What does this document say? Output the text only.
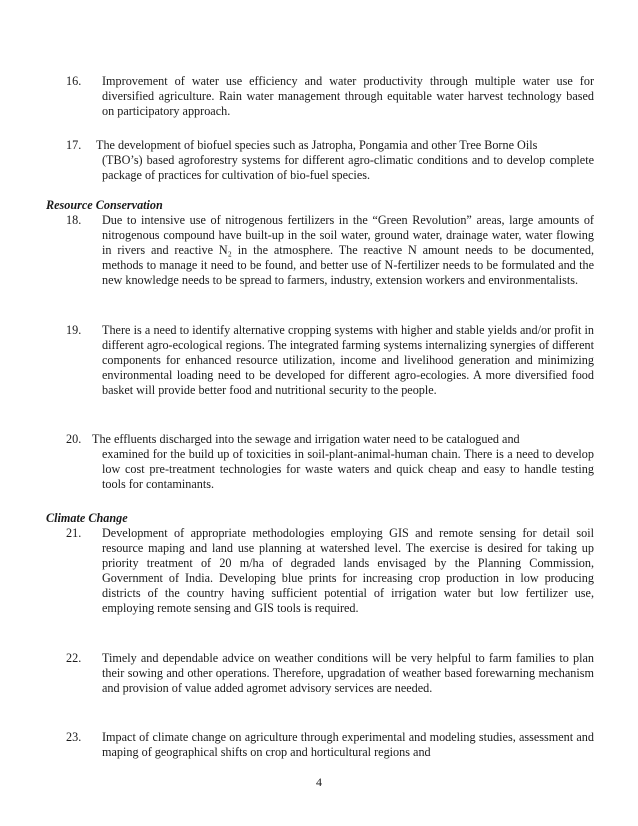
16. Improvement of water use efficiency and water productivity through multiple water use for diversified agriculture. Rain water management through equitable water harvest technology based on participatory approach.
17. The development of biofuel species such as Jatropha, Pongamia and other Tree Borne Oils
(TBO’s) based agroforestry systems for different agro-climatic conditions and to develop complete package of practices for cultivation of bio-fuel species.
Resource Conservation
18. Due to intensive use of nitrogenous fertilizers in the “Green Revolution” areas, large amounts of nitrogenous compound have built-up in the soil water, ground water, drainage water, water flowing in rivers and reactive N₂ in the atmosphere. The reactive N amount needs to be documented, methods to manage it need to be found, and better use of N-fertilizer needs to be formulated and the new knowledge needs to be spread to farmers, industry, extension workers and environmentalists.
19. There is a need to identify alternative cropping systems with higher and stable yields and/or profit in different agro-ecological regions. The integrated farming systems internalizing synergies of different components for enhanced resource utilization, income and livelihood generation and minimizing environmental loading need to be developed for different agro-ecologies. A more diversified food basket will provide better food and nutritional security to the people.
20. The effluents discharged into the sewage and irrigation water need to be catalogued and
examined for the build up of toxicities in soil-plant-animal-human chain. There is a need to develop low cost pre-treatment technologies for waste waters and quick cheap and easy to handle testing tools for contaminants.
Climate Change
21. Development of appropriate methodologies employing GIS and remote sensing for detail soil resource maping and land use planning at watershed level. The exercise is desired for taking up priority treatment of 20 m/ha of degraded lands envisaged by the Planning Commission, Government of India. Developing blue prints for increasing crop production in low producing districts of the country having sufficient potential of irrigation water but low fertilizer use, employing remote sensing and GIS tools is required.
22. Timely and dependable advice on weather conditions will be very helpful to farm families to plan their sowing and other operations. Therefore, upgradation of weather based forewarning mechanism and provision of value added agromet advisory services are needed.
23. Impact of climate change on agriculture through experimental and modeling studies, assessment and maping of geographical shifts on crop and horticultural regions and
4
